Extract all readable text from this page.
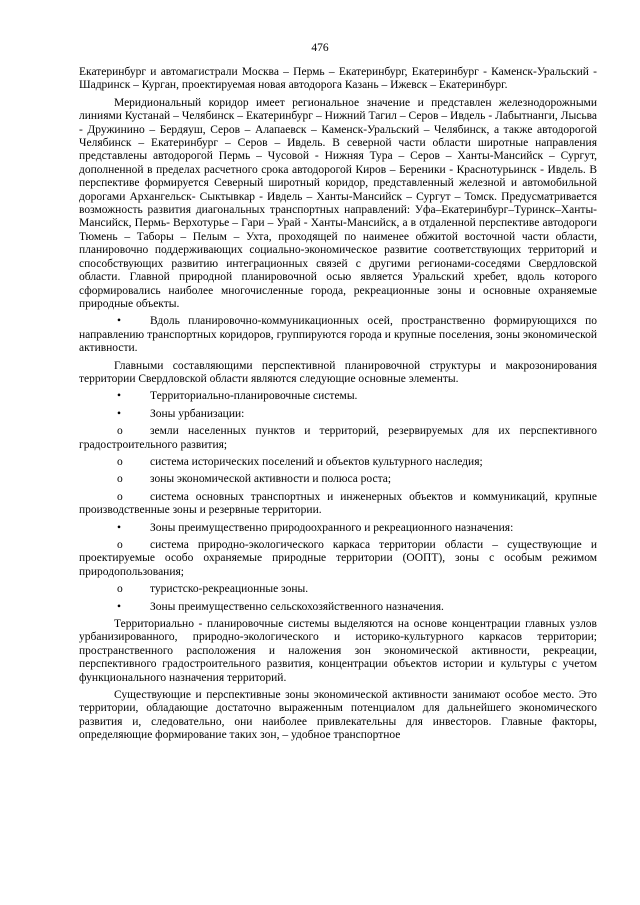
476

Екатеринбург и автомагистрали Москва – Пермь – Екатеринбург, Екатеринбург - Каменск-Уральский - Шадринск – Курган, проектируемая новая автодорога Казань – Ижевск – Екатеринбург.

Меридиональный коридор имеет региональное значение и представлен железнодорожными линиями Кустанай – Челябинск – Екатеринбург – Нижний Тагил – Серов – Ивдель - Лабытнанги, Лысьва - Дружинино – Бердяуш, Серов – Алапаевск – Каменск-Уральский – Челябинск, а также автодорогой Челябинск – Екатеринбург – Серов – Ивдель. В северной части области широтные направления представлены автодорогой Пермь – Чусовой - Нижняя Тура – Серов – Ханты-Мансийск – Сургут, дополненной в пределах расчетного срока автодорогой Киров – Береники - Краснотурьинск - Ивдель. В перспективе формируется Северный широтный коридор, представленный железной и автомобильной дорогами Архангельск- Сыктывкар - Ивдель – Ханты-Мансийск – Сургут – Томск. Предусматривается возможность развития диагональных транспортных направлений: Уфа–Екатеринбург–Туринск–Ханты-Мансийск, Пермь- Верхотурье – Гари – Урай - Ханты-Мансийск, а в отдаленной перспективе автодороги Тюмень – Таборы – Пелым – Ухта, проходящей по наименее обжитой восточной части области, планировочно поддерживающих социально-экономическое развитие соответствующих территорий и способствующих развитию интеграционных связей с другими регионами-соседями Свердловской области. Главной природной планировочной осью является Уральский хребет, вдоль которого сформировались наиболее многочисленные города, рекреационные зоны и основные охраняемые природные объекты.

•	Вдоль планировочно-коммуникационных осей, пространственно формирующихся по направлению транспортных коридоров, группируются города и крупные поселения, зоны экономической активности.

Главными составляющими перспективной планировочной структуры и макрозонирования территории Свердловской области являются следующие основные элементы.

•	Территориально-планировочные системы.
•	Зоны урбанизации:
o земли населенных пунктов и территорий, резервируемых для их перспективного градостроительного развития;
o система исторических поселений и объектов культурного наследия;
o зоны экономической активности и полюса роста;
o система основных транспортных и инженерных объектов и коммуникаций, крупные производственные зоны и резервные территории.
•	Зоны преимущественно природоохранного и рекреационного назначения:
o система природно-экологического каркаса территории области – существующие и проектируемые особо охраняемые природные территории (ООПТ), зоны с особым режимом природопользования;
o туристско-рекреационные зоны.
•	Зоны преимущественно сельскохозяйственного назначения.

Территориально - планировочные системы выделяются на основе концентрации главных узлов урбанизированного, природно-экологического и историко-культурного каркасов территории; пространственного расположения и наложения зон экономической активности, рекреации, перспективного градостроительного развития, концентрации объектов истории и культуры с учетом функционального назначения территорий.

Существующие и перспективные зоны экономической активности занимают особое место. Это территории, обладающие достаточно выраженным потенциалом для дальнейшего экономического развития и, следовательно, они наиболее привлекательны для инвесторов. Главные факторы, определяющие формирование таких зон, – удобное транспортное
